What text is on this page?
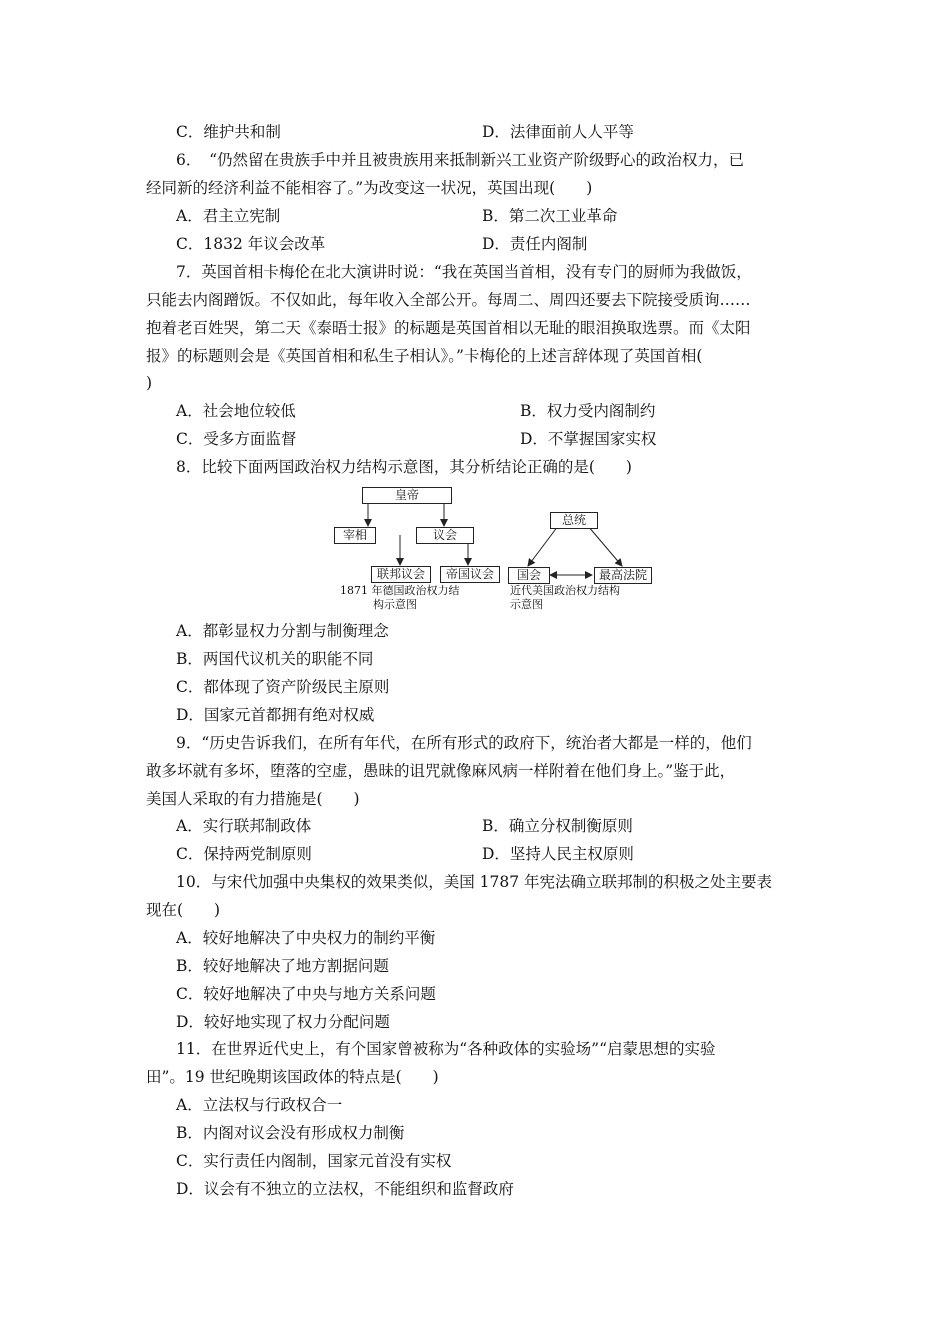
C．维护共和制	D．法律面前人人平等
6．　“仍然留在贵族手中并且被贵族用来抵制新兴工业资产阶级野心的政治权力，已
经同新的经济利益不能相容了。”为改变这一状况，英国出现(　　)
A．君主立宪制	B．第二次工业革命
C．1832 年议会改革	D．责任内阁制
7．英国首相卡梅伦在北大演讲时说：“我在英国当首相，没有专门的厨师为我做饭，
只能去内阁蹭饭。不仅如此，每年收入全部公开。每周二、周四还要去下院接受质询……
抱着老百姓哭，第二天《泰晤士报》的标题是英国首相以无耻的眼泪换取选票。而《太阳
报》的标题则会是《英国首相和私生子相认》。”卡梅伦的上述言辞体现了英国首相(
)
A．社会地位较低	B．权力受内阁制约
C．受多方面监督	D．不掌握国家实权
8．比较下面两国政治权力结构示意图，其分析结论正确的是(　　)
皇帝
宰相	议会
联邦议会	帝国议会
1871 年德国政治权力结
构示意图
总统
国会	最高法院
近代美国政治权力结构
示意图
A．都彰显权力分割与制衡理念
B．两国代议机关的职能不同
C．都体现了资产阶级民主原则
D．国家元首都拥有绝对权威
9．“历史告诉我们，在所有年代，在所有形式的政府下，统治者大都是一样的，他们
敢多坏就有多坏，堕落的空虚，愚昧的诅咒就像麻风病一样附着在他们身上。”鉴于此，
美国人采取的有力措施是(　　)
A．实行联邦制政体	B．确立分权制衡原则
C．保持两党制原则	D．坚持人民主权原则
10．与宋代加强中央集权的效果类似，美国 1787 年宪法确立联邦制的积极之处主要表
现在(　　)
A．较好地解决了中央权力的制约平衡
B．较好地解决了地方割据问题
C．较好地解决了中央与地方关系问题
D．较好地实现了权力分配问题
11．在世界近代史上，有个国家曾被称为“各种政体的实验场”“启蒙思想的实验
田”。19 世纪晚期该国政体的特点是(　　)
A．立法权与行政权合一
B．内阁对议会没有形成权力制衡
C．实行责任内阁制，国家元首没有实权
D．议会有不独立的立法权，不能组织和监督政府
